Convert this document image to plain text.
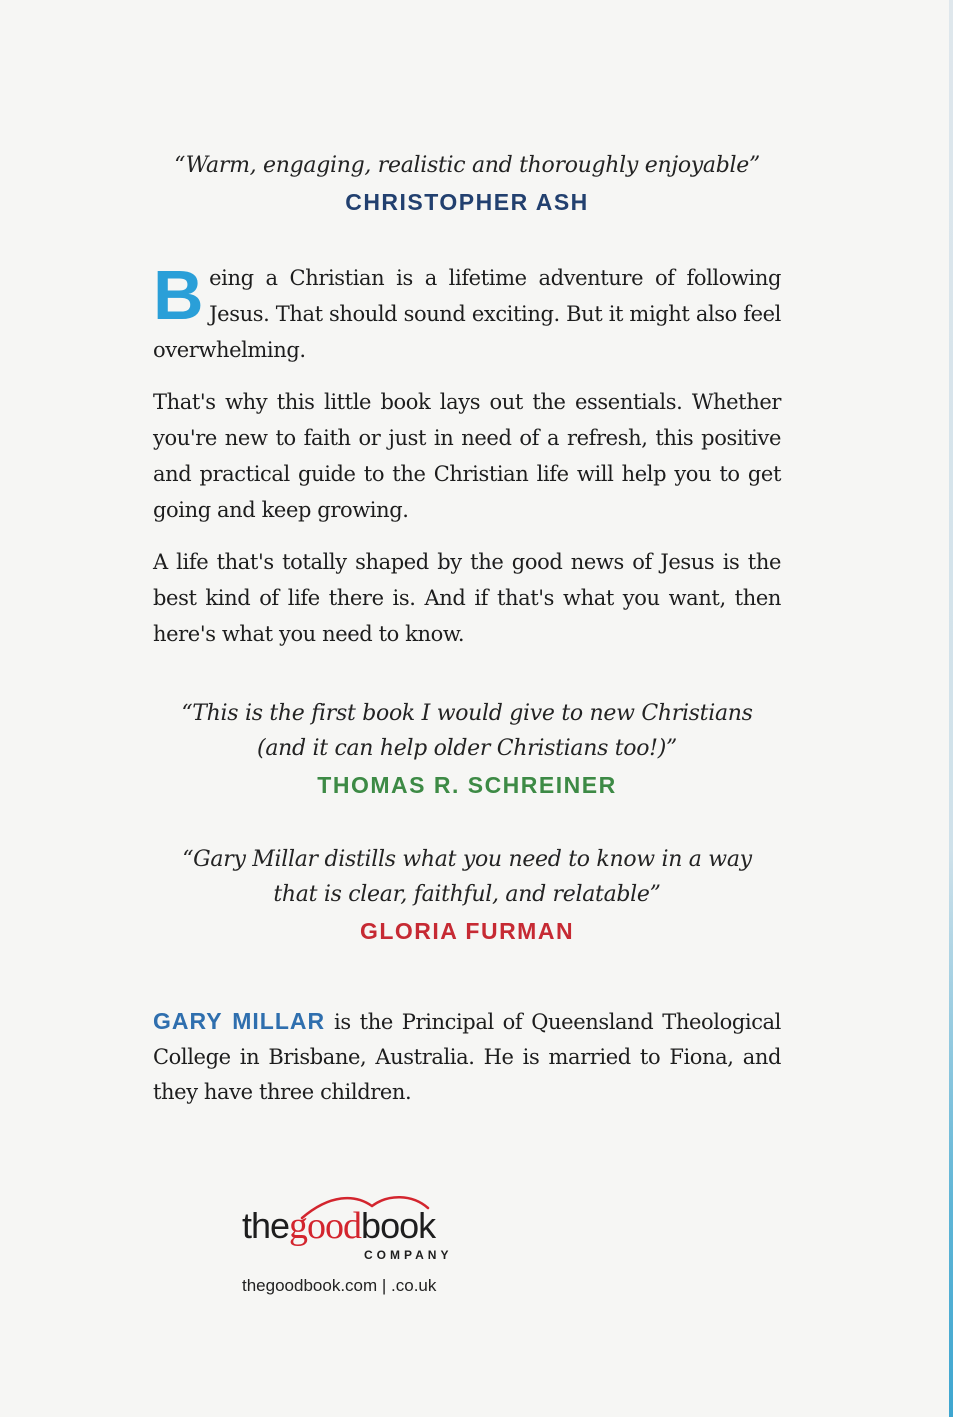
“Warm, engaging, realistic and thoroughly enjoyable”

CHRISTOPHER ASH

Being a Christian is a lifetime adventure of following Jesus. That should sound exciting. But it might also feel overwhelming.

That's why this little book lays out the essentials. Whether you're new to faith or just in need of a refresh, this positive and practical guide to the Christian life will help you to get going and keep growing.

A life that's totally shaped by the good news of Jesus is the best kind of life there is. And if that's what you want, then here's what you need to know.

“This is the first book I would give to new Christians

(and it can help older Christians too!)”

THOMAS R. SCHREINER

“Gary Millar distills what you need to know in a way

that is clear, faithful, and relatable”

GLORIA FURMAN

GARY MILLAR is the Principal of Queensland Theological College in Brisbane, Australia. He is married to Fiona, and they have three children.

thegoodbook
COMPANY
thegoodbook.com | .co.uk
